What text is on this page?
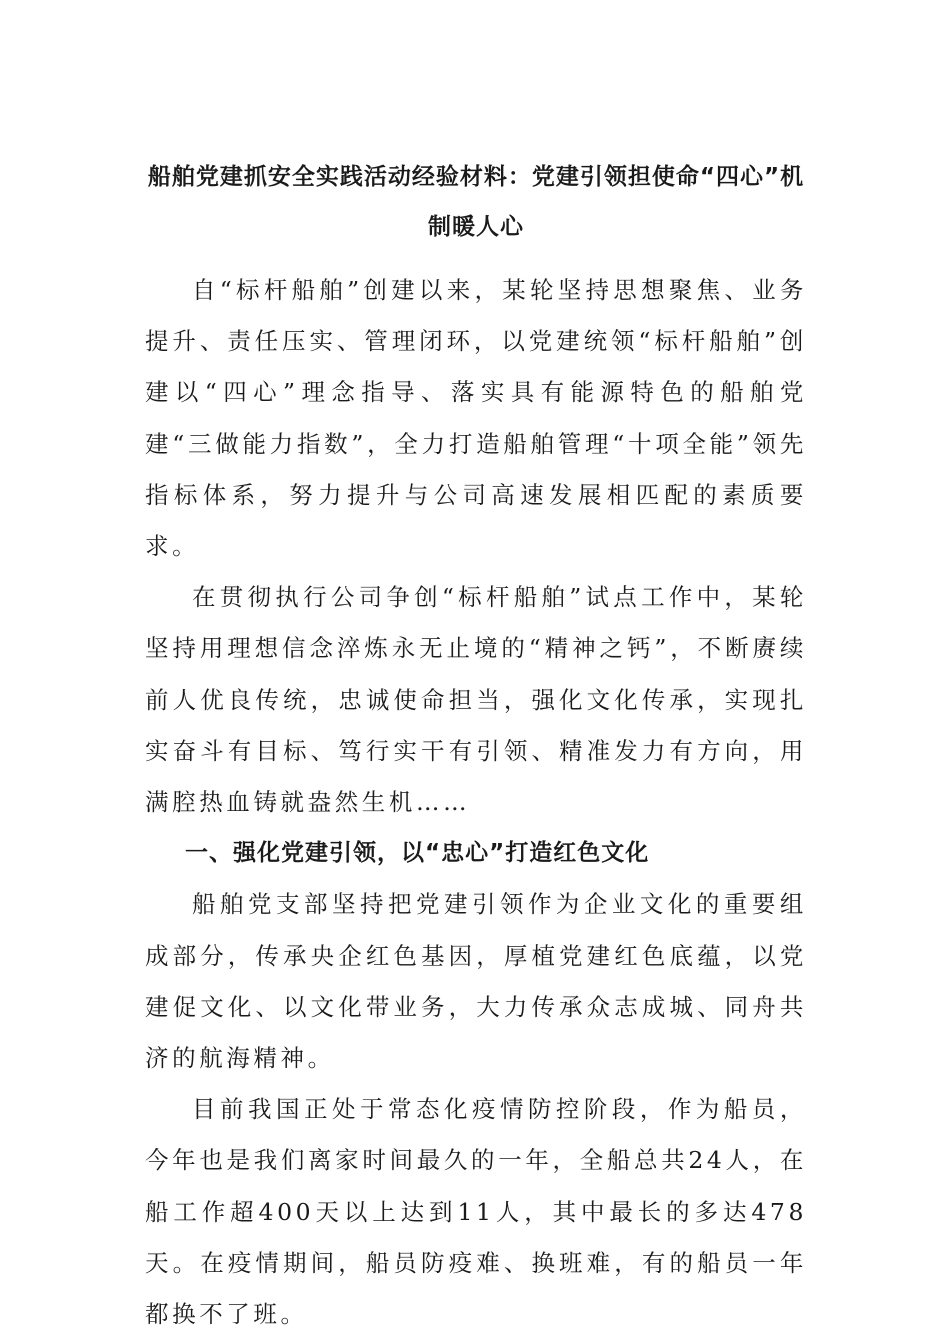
船舶党建抓安全实践活动经验材料：党建引领担使命“四心”机制暖人心

自“标杆船舶”创建以来，某轮坚持思想聚焦、业务提升、责任压实、管理闭环，以党建统领“标杆船舶”创建以“四心”理念指导、落实具有能源特色的船舶党建“三做能力指数”，全力打造船舶管理“十项全能”领先指标体系，努力提升与公司高速发展相匹配的素质要求。

在贯彻执行公司争创“标杆船舶”试点工作中，某轮坚持用理想信念淬炼永无止境的“精神之钙”，不断赓续前人优良传统，忠诚使命担当，强化文化传承，实现扎实奋斗有目标、笃行实干有引领、精准发力有方向，用满腔热血铸就盎然生机……

一、强化党建引领，以“忠心”打造红色文化

船舶党支部坚持把党建引领作为企业文化的重要组成部分，传承央企红色基因，厚植党建红色底蕴，以党建促文化、以文化带业务，大力传承众志成城、同舟共济的航海精神。

目前我国正处于常态化疫情防控阶段，作为船员，今年也是我们离家时间最久的一年，全船总共24人，在船工作超400天以上达到11人，其中最长的多达478天。在疫情期间，船员防疫难、换班难，有的船员一年都换不了班。
